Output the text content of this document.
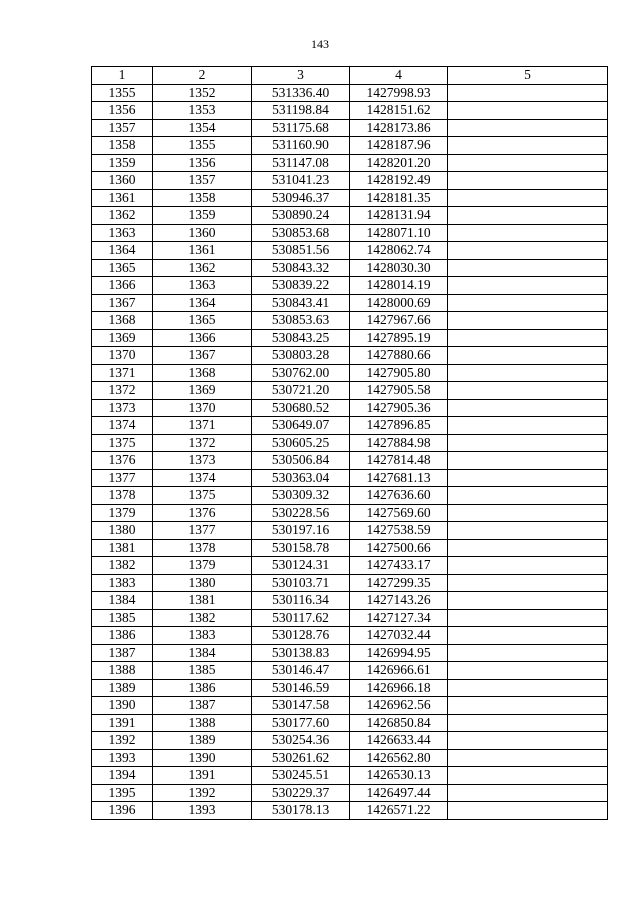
143
1	2	3	4	5
1355	1352	531336.40	1427998.93	
1356	1353	531198.84	1428151.62	
1357	1354	531175.68	1428173.86	
1358	1355	531160.90	1428187.96	
1359	1356	531147.08	1428201.20	
1360	1357	531041.23	1428192.49	
1361	1358	530946.37	1428181.35	
1362	1359	530890.24	1428131.94	
1363	1360	530853.68	1428071.10	
1364	1361	530851.56	1428062.74	
1365	1362	530843.32	1428030.30	
1366	1363	530839.22	1428014.19	
1367	1364	530843.41	1428000.69	
1368	1365	530853.63	1427967.66	
1369	1366	530843.25	1427895.19	
1370	1367	530803.28	1427880.66	
1371	1368	530762.00	1427905.80	
1372	1369	530721.20	1427905.58	
1373	1370	530680.52	1427905.36	
1374	1371	530649.07	1427896.85	
1375	1372	530605.25	1427884.98	
1376	1373	530506.84	1427814.48	
1377	1374	530363.04	1427681.13	
1378	1375	530309.32	1427636.60	
1379	1376	530228.56	1427569.60	
1380	1377	530197.16	1427538.59	
1381	1378	530158.78	1427500.66	
1382	1379	530124.31	1427433.17	
1383	1380	530103.71	1427299.35	
1384	1381	530116.34	1427143.26	
1385	1382	530117.62	1427127.34	
1386	1383	530128.76	1427032.44	
1387	1384	530138.83	1426994.95	
1388	1385	530146.47	1426966.61	
1389	1386	530146.59	1426966.18	
1390	1387	530147.58	1426962.56	
1391	1388	530177.60	1426850.84	
1392	1389	530254.36	1426633.44	
1393	1390	530261.62	1426562.80	
1394	1391	530245.51	1426530.13	
1395	1392	530229.37	1426497.44	
1396	1393	530178.13	1426571.22	
